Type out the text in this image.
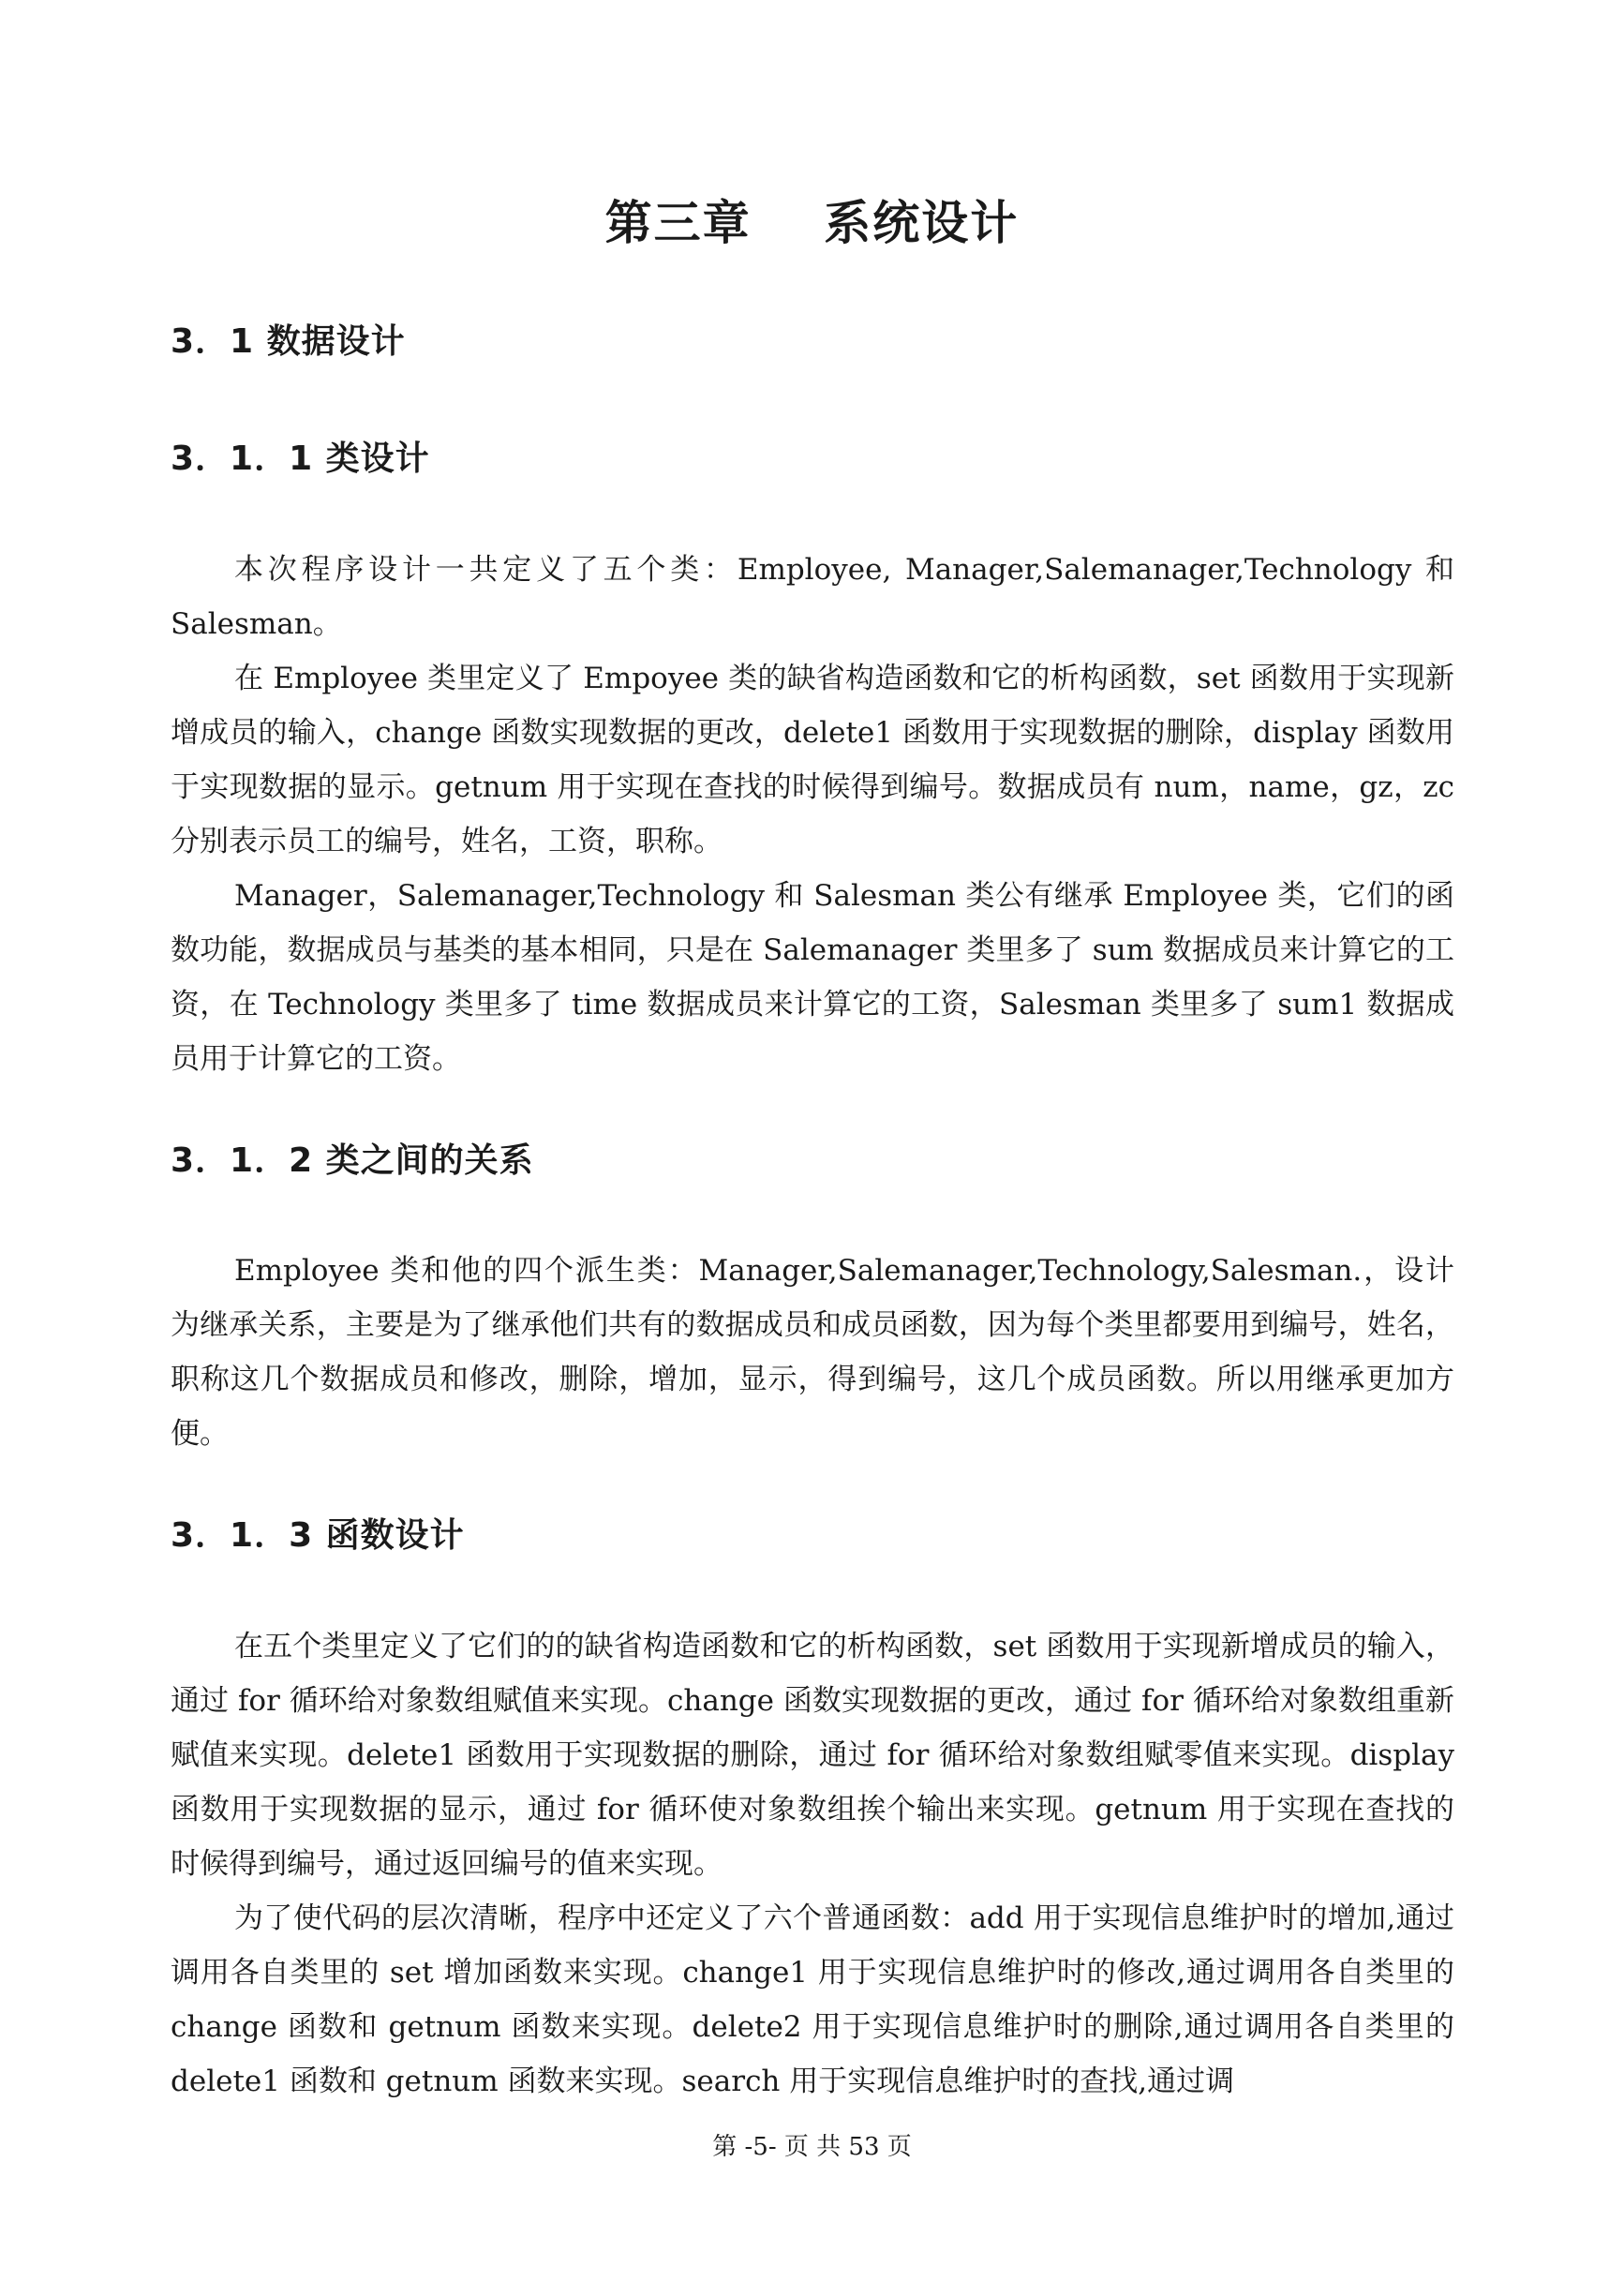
第三章    系统设计
3．1 数据设计
3．1．1 类设计

本次程序设计一共定义了五个类：Employee, Manager,Salemanager,Technology 和Salesman。

在 Employee 类里定义了 Empoyee 类的缺省构造函数和它的析构函数，set 函数用于实现新增成员的输入，change 函数实现数据的更改，delete1 函数用于实现数据的删除，display 函数用于实现数据的显示。getnum 用于实现在查找的时候得到编号。数据成员有 num，name，gz，zc 分别表示员工的编号，姓名，工资，职称。

Manager，Salemanager,Technology 和 Salesman 类公有继承 Employee 类，它们的函数功能，数据成员与基类的基本相同，只是在 Salemanager 类里多了 sum 数据成员来计算它的工资，在 Technology 类里多了 time 数据成员来计算它的工资，Salesman 类里多了 sum1 数据成员用于计算它的工资。

3．1．2 类之间的关系

Employee 类和他的四个派生类：Manager,Salemanager,Technology,Salesman.，设计为继承关系，主要是为了继承他们共有的数据成员和成员函数，因为每个类里都要用到编号，姓名，职称这几个数据成员和修改，删除，增加，显示，得到编号，这几个成员函数。所以用继承更加方便。

3．1．3 函数设计

在五个类里定义了它们的的缺省构造函数和它的析构函数，set 函数用于实现新增成员的输入，通过 for 循环给对象数组赋值来实现。change 函数实现数据的更改，通过 for 循环给对象数组重新赋值来实现。delete1 函数用于实现数据的删除，通过 for 循环给对象数组赋零值来实现。display 函数用于实现数据的显示，通过 for 循环使对象数组挨个输出来实现。getnum 用于实现在查找的时候得到编号，通过返回编号的值来实现。

为了使代码的层次清晰，程序中还定义了六个普通函数：add 用于实现信息维护时的增加,通过调用各自类里的 set 增加函数来实现。change1 用于实现信息维护时的修改,通过调用各自类里的 change 函数和 getnum 函数来实现。delete2 用于实现信息维护时的删除,通过调用各自类里的 delete1 函数和 getnum 函数来实现。search 用于实现信息维护时的查找,通过调

第 -5- 页 共 53 页
